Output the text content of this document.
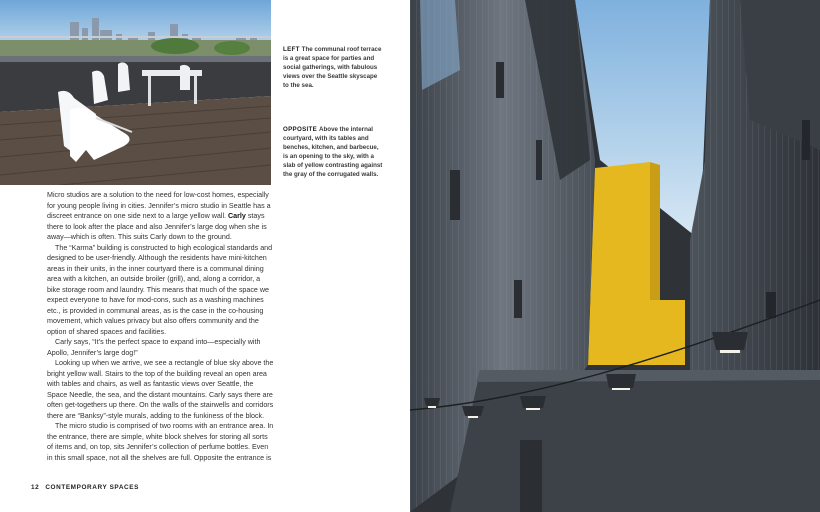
LEFT The communal roof terrace is a great space for parties and social gatherings, with fabulous views over the Seattle skyscape to the sea.
OPPOSITE Above the internal courtyard, with its tables and benches, kitchen, and barbecue, is an opening to the sky, with a slab of yellow contrasting against the gray of the corrugated walls.

Micro studios are a solution to the need for low-cost homes, especially for young people living in cities. Jennifer’s micro studio in Seattle has a discreet entrance on one side next to a large yellow wall. Carly stays there to look after the place and also Jennifer’s large dog when she is away—which is often. This suits Carly down to the ground.

The “Karma” building is constructed to high ecological standards and designed to be user-friendly. Although the residents have mini-kitchen areas in their units, in the inner courtyard there is a communal dining area with a kitchen, an outside broiler (grill), and, along a corridor, a bike storage room and laundry. This means that much of the space we expect everyone to have for mod-cons, such as a washing machines etc., is provided in communal areas, as is the case in the co-housing movement, which values privacy but also offers community and the option of shared spaces and facilities.

Carly says, “It’s the perfect space to expand into—especially with Apollo, Jennifer’s large dog!”

Looking up when we arrive, we see a rectangle of blue sky above the bright yellow wall. Stairs to the top of the building reveal an open area with tables and chairs, as well as fantastic views over Seattle, the Space Needle, the sea, and the distant mountains. Carly says there are often get-togethers up there. On the walls of the stairwells and corridors there are “Banksy”-style murals, adding to the funkiness of the block.

The micro studio is comprised of two rooms with an entrance area. In the entrance, there are simple, white block shelves for storing all sorts of items and, on top, sits Jennifer’s collection of perfume bottles. Even in this small space, not all the shelves are full. Opposite the entrance is

12 CONTEMPORARY SPACES
